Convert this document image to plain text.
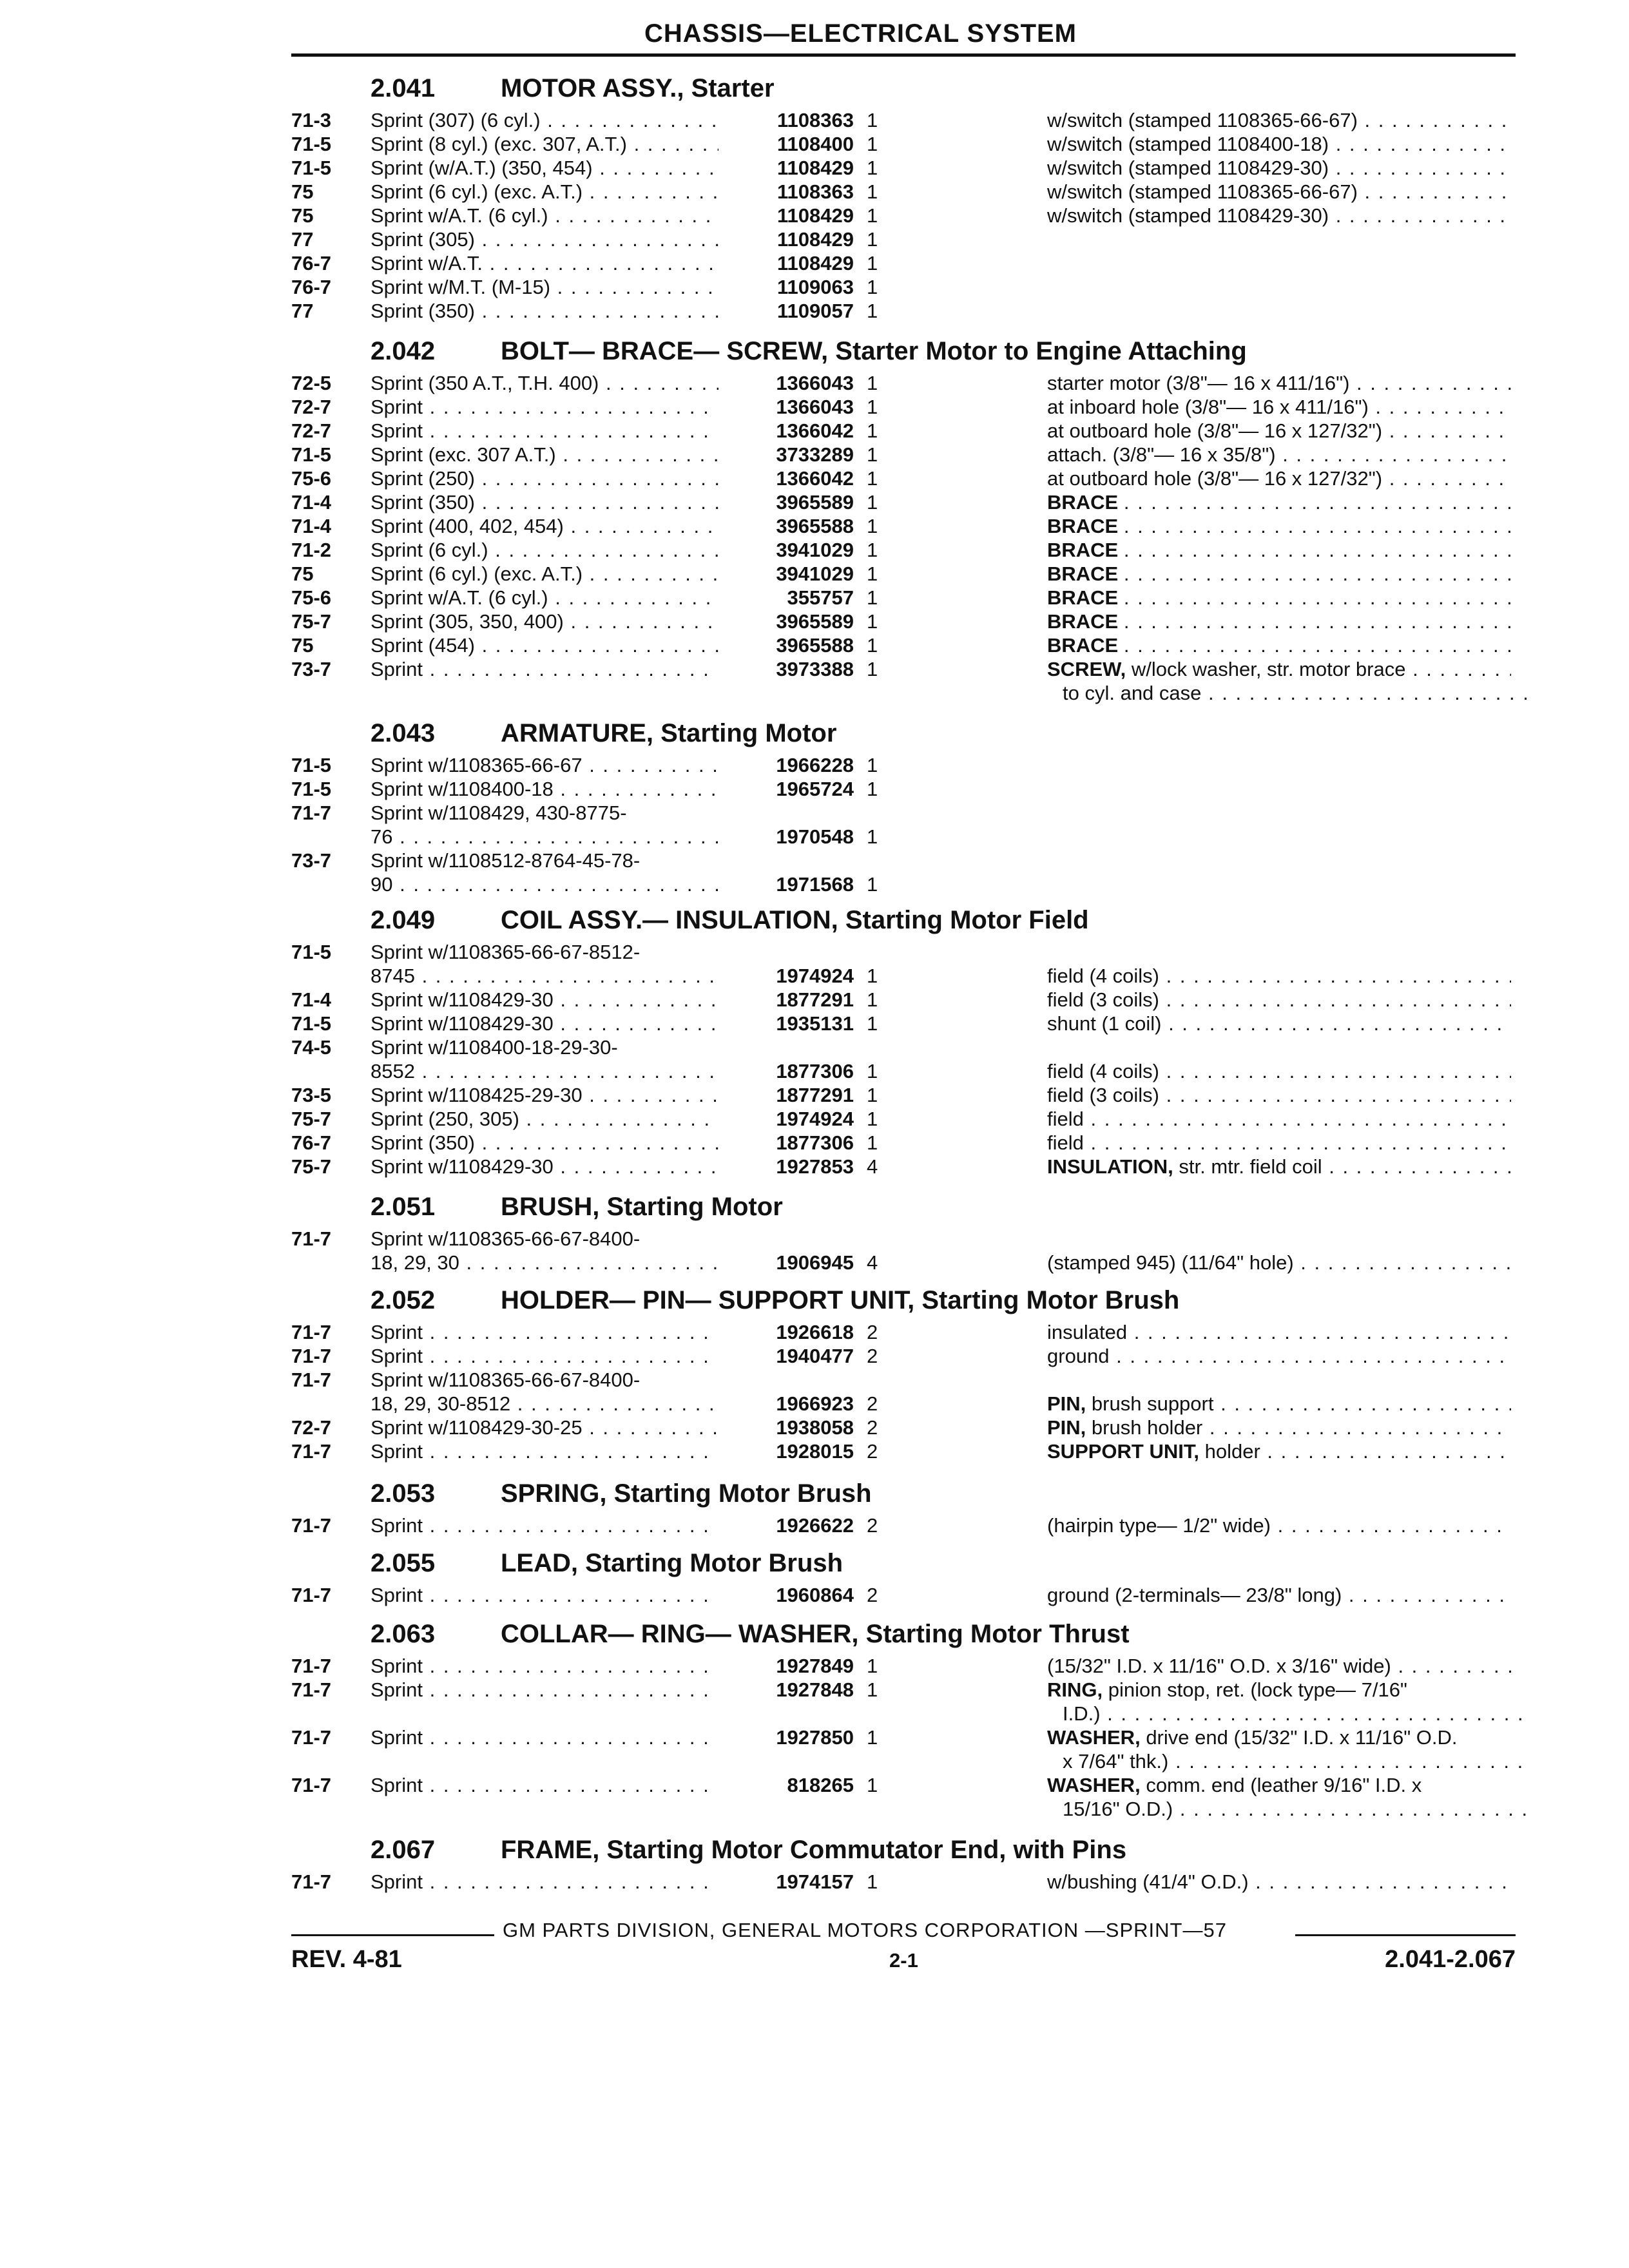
CHASSIS—ELECTRICAL SYSTEM
2.041	MOTOR ASSY., Starter
71-3	Sprint (307) (6 cyl.) . . .	1108363 1	w/switch (stamped 1108365-66-67) . . .
71-5	Sprint (8 cyl.) (exc. 307, A.T.) . . .	1108400 1	w/switch (stamped 1108400-18) . . .
71-5	Sprint (w/A.T.) (350, 454) . . .	1108429 1	w/switch (stamped 1108429-30) . . .
75	Sprint (6 cyl.) (exc. A.T.) . . .	1108363 1	w/switch (stamped 1108365-66-67) . . .
75	Sprint w/A.T. (6 cyl.) . . .	1108429 1	w/switch (stamped 1108429-30) . . .
77	Sprint (305) . . .	1108429 1
76-7	Sprint w/A.T. . . .	1108429 1
76-7	Sprint w/M.T. (M-15) . . .	1109063 1
77	Sprint (350) . . .	1109057 1
2.042	BOLT— BRACE— SCREW, Starter Motor to Engine Attaching
72-5	Sprint (350 A.T., T.H. 400) . . .	1366043 1	starter motor (3/8"— 16 x 411/16") . . .
72-7	Sprint . . .	1366043 1	at inboard hole (3/8"— 16 x 411/16") . . .
72-7	Sprint . . .	1366042 1	at outboard hole (3/8"— 16 x 127/32") . . .
71-5	Sprint (exc. 307 A.T.) . . .	3733289 1	attach. (3/8"— 16 x 35/8") . . .
75-6	Sprint (250) . . .	1366042 1	at outboard hole (3/8"— 16 x 127/32") . . .
71-4	Sprint (350) . . .	3965589 1	BRACE . . .
71-4	Sprint (400, 402, 454) . . .	3965588 1	BRACE . . .
71-2	Sprint (6 cyl.) . . .	3941029 1	BRACE . . .
75	Sprint (6 cyl.) (exc. A.T.) . . .	3941029 1	BRACE . . .
75-6	Sprint w/A.T. (6 cyl.) . . .	355757 1	BRACE . . .
75-7	Sprint (305, 350, 400) . . .	3965589 1	BRACE . . .
75	Sprint (454) . . .	3965588 1	BRACE . . .
73-7	Sprint . . .	3973388 1	SCREW, w/lock washer, str. motor brace . . .
to cyl. and case . . .
2.043	ARMATURE, Starting Motor
71-5	Sprint w/1108365-66-67 . . .	1966228 1
71-5	Sprint w/1108400-18 . . .	1965724 1
71-7	Sprint w/1108429, 430-8775-
76 . . .	1970548 1
73-7	Sprint w/1108512-8764-45-78-
90 . . .	1971568 1
2.049	COIL ASSY.— INSULATION, Starting Motor Field
71-5	Sprint w/1108365-66-67-8512-
8745 . . .	1974924 1	field (4 coils) . . .
71-4	Sprint w/1108429-30 . . .	1877291 1	field (3 coils) . . .
71-5	Sprint w/1108429-30 . . .	1935131 1	shunt (1 coil) . . .
74-5	Sprint w/1108400-18-29-30-
8552 . . .	1877306 1	field (4 coils) . . .
73-5	Sprint w/1108425-29-30 . . .	1877291 1	field (3 coils) . . .
75-7	Sprint (250, 305) . . .	1974924 1	field . . .
76-7	Sprint (350) . . .	1877306 1	field . . .
75-7	Sprint w/1108429-30 . . .	1927853 4	INSULATION, str. mtr. field coil . . .
2.051	BRUSH, Starting Motor
71-7	Sprint w/1108365-66-67-8400-
18, 29, 30 . . .	1906945 4	(stamped 945) (11/64" hole) . . .
2.052	HOLDER— PIN— SUPPORT UNIT, Starting Motor Brush
71-7	Sprint . . .	1926618 2	insulated . . .
71-7	Sprint . . .	1940477 2	ground . . .
71-7	Sprint w/1108365-66-67-8400-
18, 29, 30-8512 . . .	1966923 2	PIN, brush support . . .
72-7	Sprint w/1108429-30-25 . . .	1938058 2	PIN, brush holder . . .
71-7	Sprint . . .	1928015 2	SUPPORT UNIT, holder . . .
2.053	SPRING, Starting Motor Brush
71-7	Sprint . . .	1926622 2	(hairpin type— 1/2" wide) . . .
2.055	LEAD, Starting Motor Brush
71-7	Sprint . . .	1960864 2	ground (2-terminals— 23/8" long) . . .
2.063	COLLAR— RING— WASHER, Starting Motor Thrust
71-7	Sprint . . .	1927849 1	(15/32" I.D. x 11/16" O.D. x 3/16" wide) . . .
71-7	Sprint . . .	1927848 1	RING, pinion stop, ret. (lock type— 7/16"
I.D.) . . .
71-7	Sprint . . .	1927850 1	WASHER, drive end (15/32" I.D. x 11/16" O.D.
x 7/64" thk.) . . .
71-7	Sprint . . .	818265 1	WASHER, comm. end (leather 9/16" I.D. x
15/16" O.D.) . . .
2.067	FRAME, Starting Motor Commutator End, with Pins
71-7	Sprint . . .	1974157 1	w/bushing (41/4" O.D.) . . .
GM PARTS DIVISION, GENERAL MOTORS CORPORATION —SPRINT—57
REV. 4-81	2-1	2.041-2.067
